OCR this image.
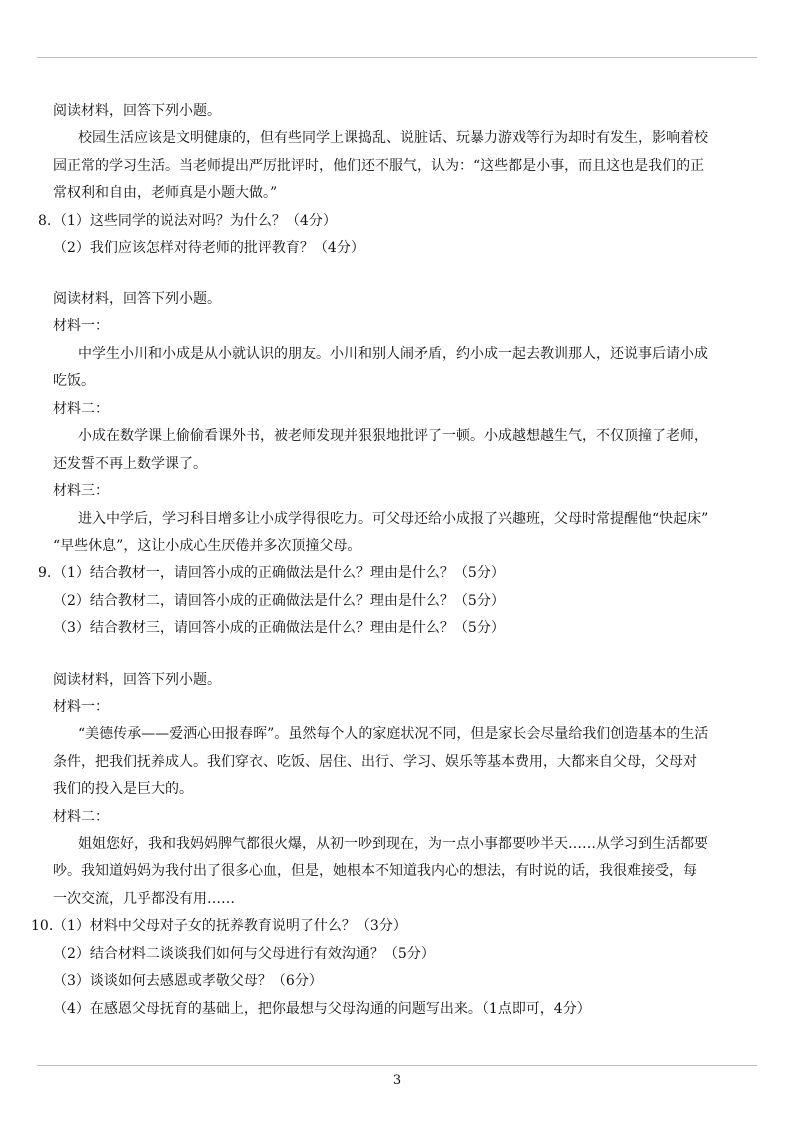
阅读材料，回答下列小题。
校园生活应该是文明健康的，但有些同学上课捣乱、说脏话、玩暴力游戏等行为却时有发生，影响着校
园正常的学习生活。当老师提出严厉批评时，他们还不服气，认为：“这些都是小事，而且这也是我们的正
常权利和自由，老师真是小题大做。”
8. （1）这些同学的说法对吗？为什么？（4分）
（2）我们应该怎样对待老师的批评教育？（4分）
阅读材料，回答下列小题。
材料一：
中学生小川和小成是从小就认识的朋友。小川和别人闹矛盾，约小成一起去教训那人，还说事后请小成
吃饭。
材料二：
小成在数学课上偷偷看课外书，被老师发现并狠狠地批评了一顿。小成越想越生气，不仅顶撞了老师，
还发誓不再上数学课了。
材料三：
进入中学后，学习科目增多让小成学得很吃力。可父母还给小成报了兴趣班，父母时常提醒他“快起床”
“早些休息”，这让小成心生厌倦并多次顶撞父母。
9. （1）结合教材一，请回答小成的正确做法是什么？理由是什么？（5分）
（2）结合教材二，请回答小成的正确做法是什么？理由是什么？（5分）
（3）结合教材三，请回答小成的正确做法是什么？理由是什么？（5分）
阅读材料，回答下列小题。
材料一：
“美德传承——爱洒心田报春晖”。虽然每个人的家庭状况不同，但是家长会尽量给我们创造基本的生活
条件，把我们抚养成人。我们穿衣、吃饭、居住、出行、学习、娱乐等基本费用，大都来自父母，父母对
我们的投入是巨大的。
材料二：
姐姐您好，我和我妈妈脾气都很火爆，从初一吵到现在，为一点小事都要吵半天……从学习到生活都要
吵。我知道妈妈为我付出了很多心血，但是，她根本不知道我内心的想法，有时说的话，我很难接受，每
一次交流，几乎都没有用……
10. （1）材料中父母对子女的抚养教育说明了什么？（3分）
（2）结合材料二谈谈我们如何与父母进行有效沟通？（5分）
（3）谈谈如何去感恩或孝敬父母？（6分）
（4）在感恩父母抚育的基础上，把你最想与父母沟通的问题写出来。（1点即可，4分）
3
